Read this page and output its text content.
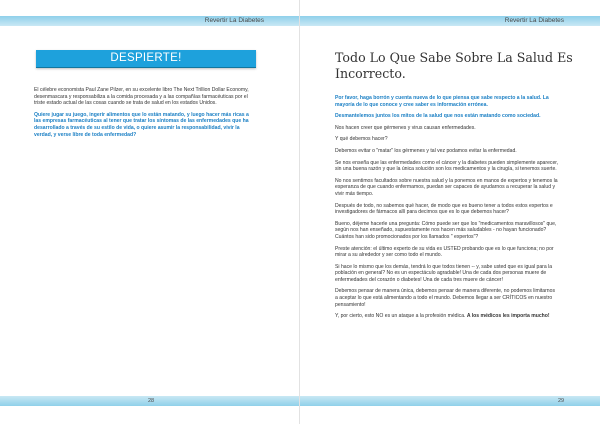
Revertir La Diabetes
DESPIERTE!

El célebre economista Paul Zane Pilzer, en su excelente libro The Next Trillion Dollar Economy, desenmascara y responsabiliza a la comida procesada y a las compañías farmacéuticas por el triste estado actual de las cosas cuando se trata de salud en los estados Unidos.

Quiere jugar su juego, ingerir alimentos que lo están matando, y luego hacer más ricas a las empresas farmacéuticas al tener que tratar los síntomas de las enfermedades que ha desarrollado a través de su estilo de vida, o quiere asumir la responsabilidad, vivir la verdad, y verse libre de toda enfermedad?

28
Revertir La Diabetes
Todo Lo Que Sabe Sobre La Salud Es Incorrecto.

Por favor, haga borrón y cuenta nueva de lo que piensa que sabe respecto a la salud. La mayoría de lo que conoce y cree saber es información errónea.

Desmantelemos juntos los mitos de la salud que nos están matando como sociedad.

Nos hacen creer que gérmenes y virus causan enfermedades.

Y qué debemos hacer?

Debemos evitar o "matar" los gérmenes y tal vez podamos evitar la enfermedad.

Se nos enseña que las enfermedades como el cáncer y la diabetes pueden simplemente aparecer, sin una buena razón y que la única solución son los medicamentos y la cirugía, si tenemos suerte.

No nos sentimos facultados sobre nuestra salud y la ponemos en manos de expertos y tenemos la esperanza de que cuando enfermamos, puedan ser capaces de ayudarnos a recuperar la salud y vivir más tiempo.

Después de todo, no sabemos qué hacer, de modo que es bueno tener a todos estos expertos e investigadores de fármacos allí para decirnos que es lo que debemos hacer?

Bueno, déjeme hacerle una pregunta: Cómo puede ser que los "medicamentos maravillosos" que, según nos han enseñado, supuestamente nos hacen más saludables - no hayan funcionado? Cuántos han sido promocionados por los llamados " expertos"?

Preste atención: el último experto de su vida es USTED probando que es lo que funciona; no por mirar a su alrededor y ser como todo el mundo.

Si hace lo mismo que los demás, tendrá lo que todos tienen -- y, sabe usted que es igual para la población en general? No es un espectáculo agradable! Una de cada dos personas muere de enfermedades del corazón o diabetes! Una de cada tres muere de cáncer!

Debemos pensar de manera única, debemos pensar de manera diferente, no podemos limitarnos a aceptar lo que está alimentando a todo el mundo. Debemos llegar a ser CRÍTICOS en nuestro pensamiento!

Y, por cierto, esto NO es un ataque a la profesión médica. A los médicos les importa mucho!

29
